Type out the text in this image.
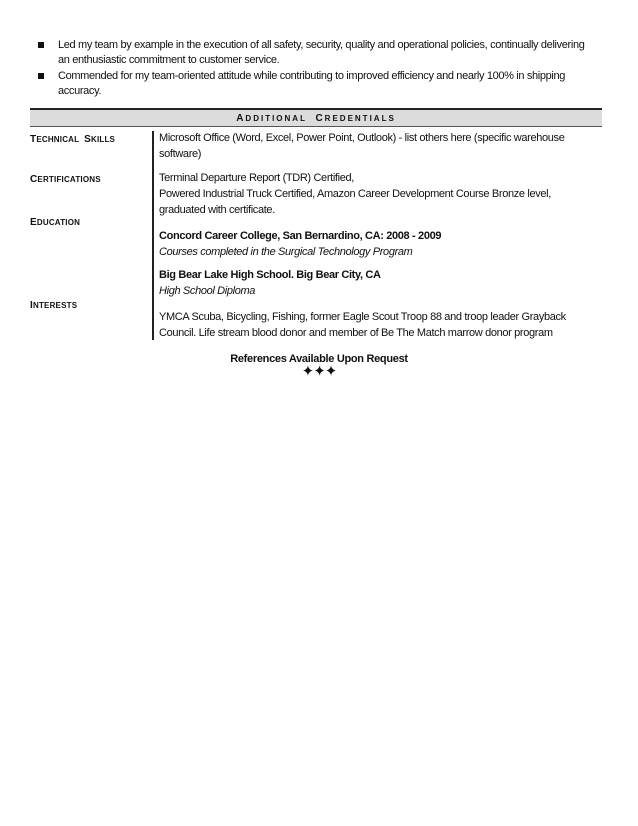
Led my team by example in the execution of all safety, security, quality and operational policies, continually delivering an enthusiastic commitment to customer service.
Commended for my team-oriented attitude while contributing to improved efficiency and nearly 100% in shipping accuracy.
ADDITIONAL CREDENTIALS
TECHNICAL SKILLS	Microsoft Office (Word, Excel, Power Point, Outlook) - list others here (specific warehouse
software)
CERTIFICATIONS	Terminal Departure Report (TDR) Certified,
Powered Industrial Truck Certified, Amazon Career Development Course Bronze level,
graduated with certificate.
EDUCATION
Concord Career College, San Bernardino, CA: 2008 - 2009
Courses completed in the Surgical Technology Program
Big Bear Lake High School. Big Bear City, CA
High School Diploma
INTERESTS
YMCA Scuba, Bicycling, Fishing, former Eagle Scout Troop 88 and troop leader Grayback
Council. Life stream blood donor and member of Be The Match marrow donor program
References Available Upon Request
✦✦✦
